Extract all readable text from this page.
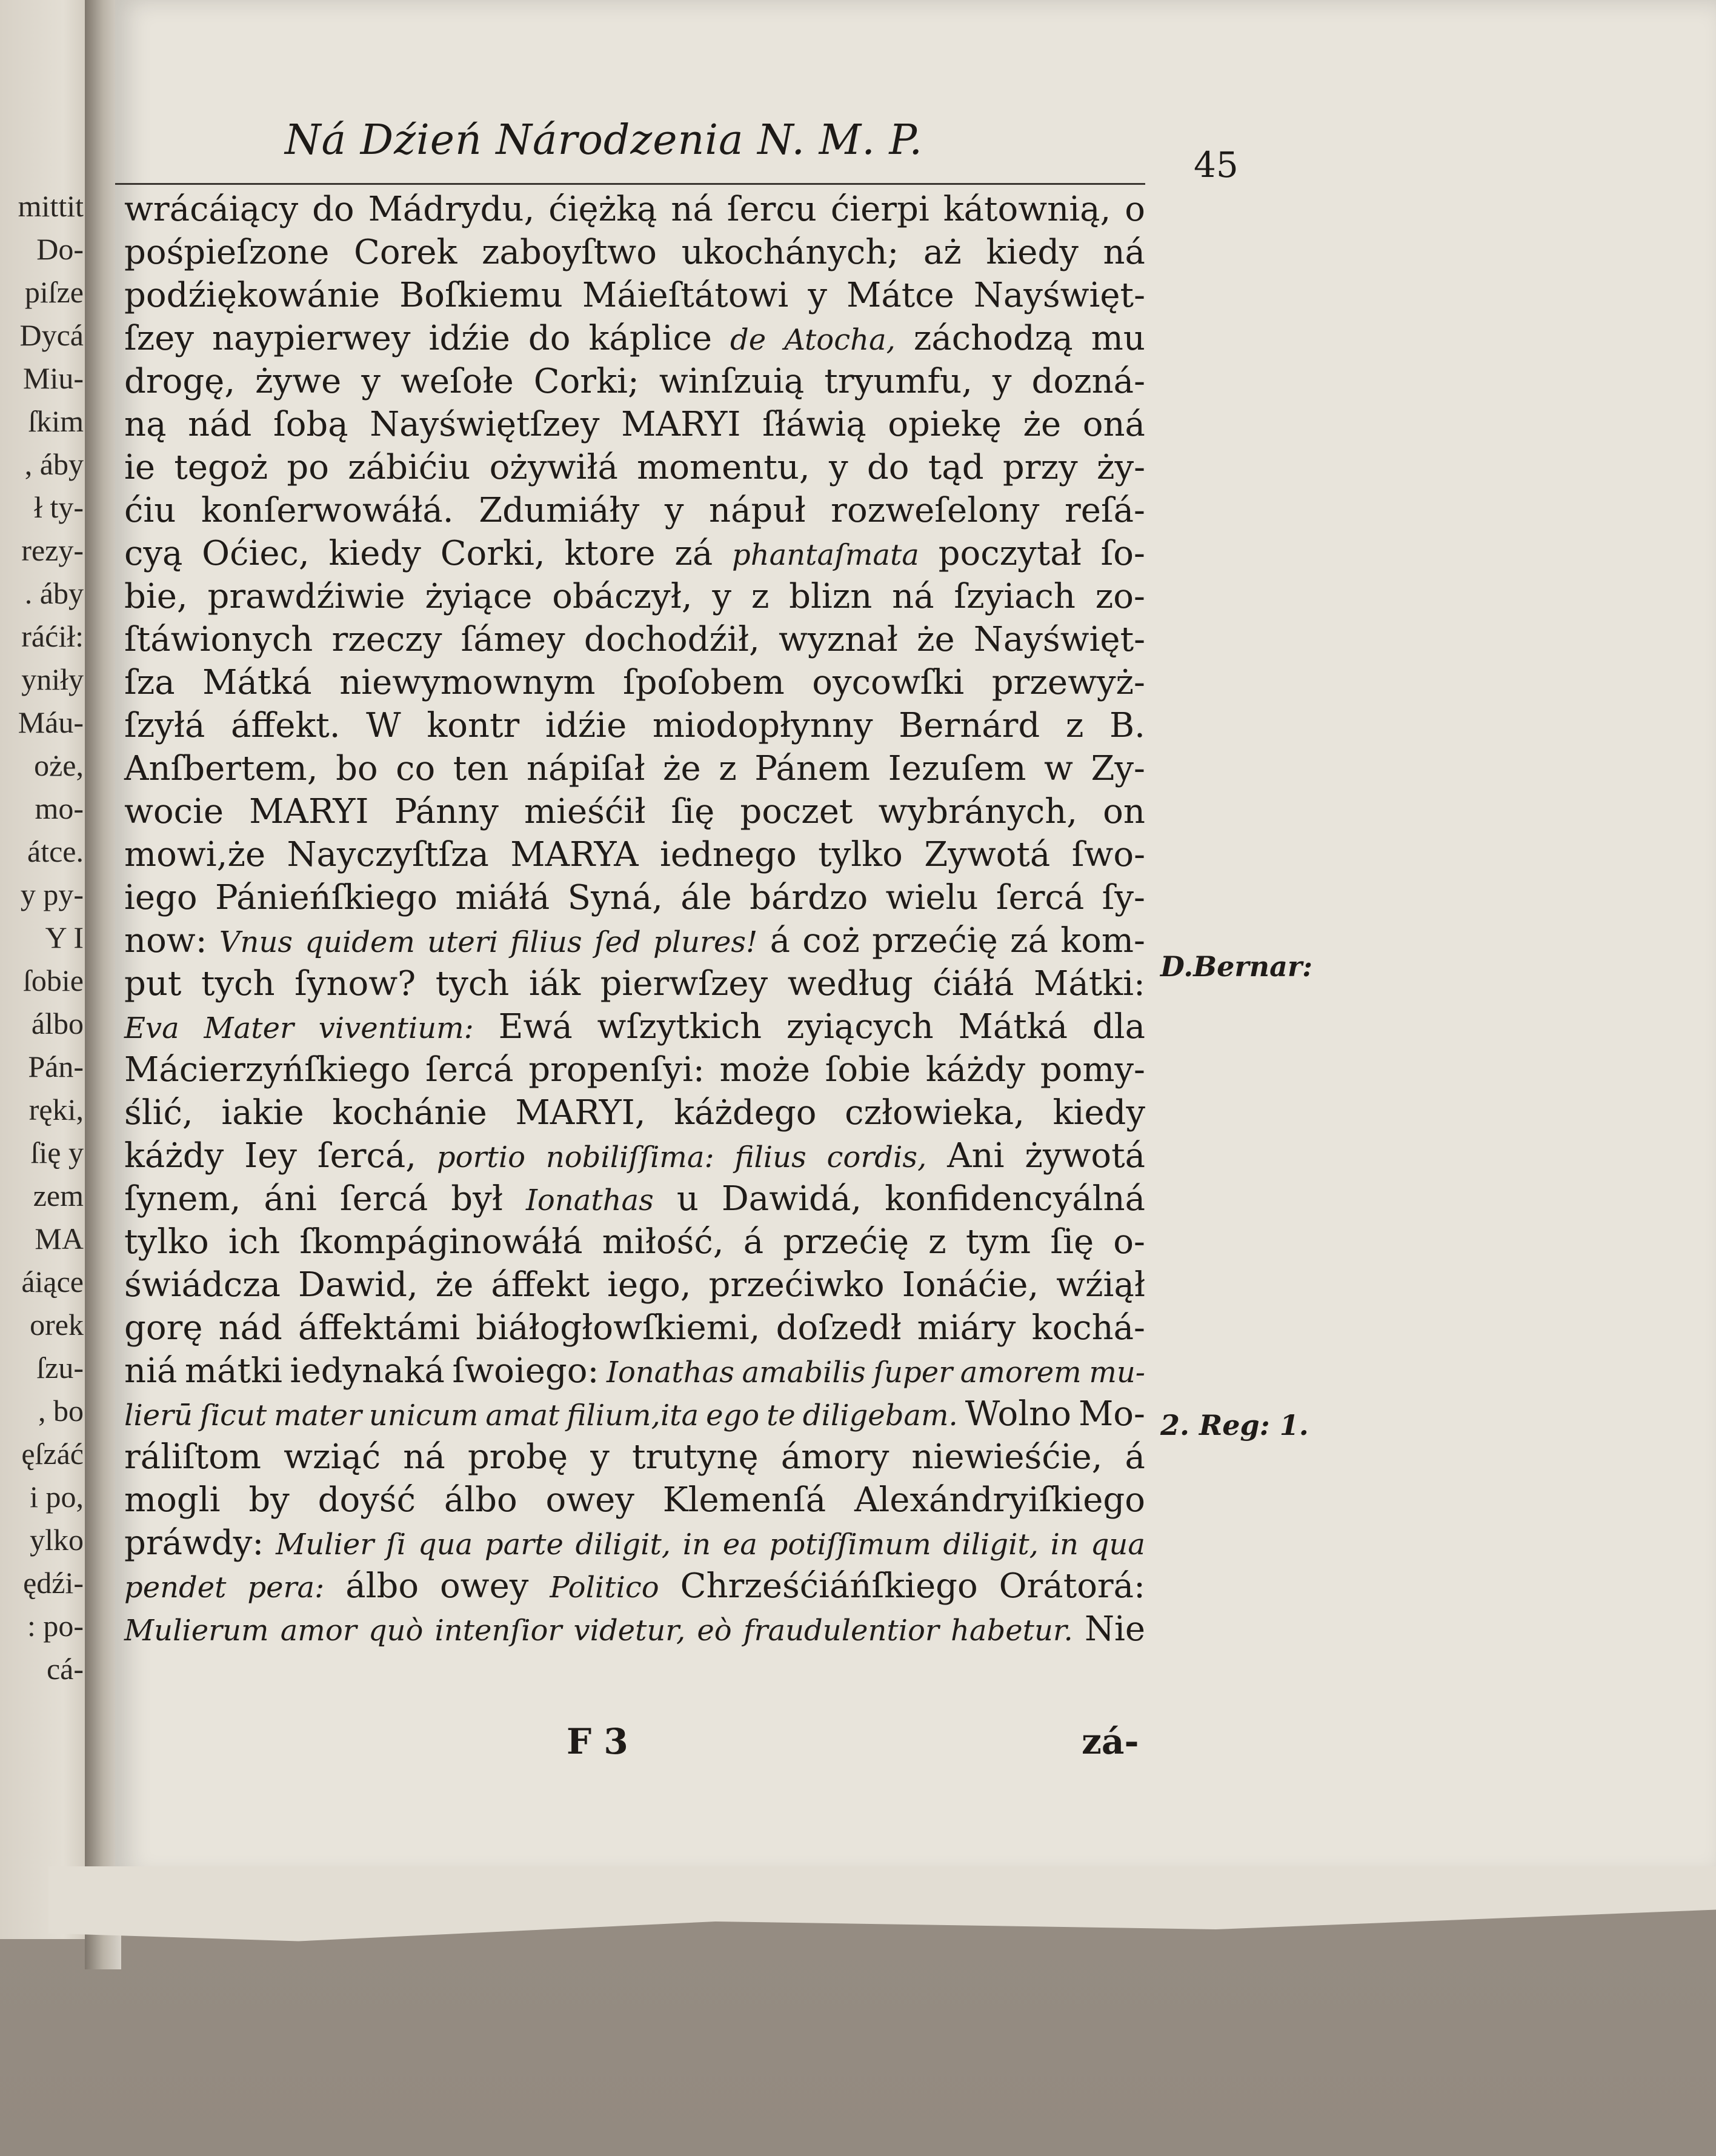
mittit
Do-
piſze
Dycá
Miu-
ſkim
, áby
ł ty-
rezy-
. áby
ráćił:
yniły
Máu-
oże,
mo-
átce.
y py-
Y I
ſobie
álbo
Pán-
ręki,
ſię y
zem
MA
áiące
orek
ſzu-
, bo
ęſzáć
i po,
ylko
ędźi-
: po-
cá-
Ná Dźień Národzenia N. M. P.
45
wrácáiący do Mádrydu, ćiężką ná ſercu ćierpi kátownią, o
pośpieſzone Corek zaboyſtwo ukochánych; aż kiedy ná
podźiękowánie Boſkiemu Máieſtátowi y Mátce Nayświęt-
ſzey naypierwey idźie do káplice de Atocha, záchodzą mu
drogę, żywe y weſołe Corki; winſzuią tryumfu, y dozná-
ną nád ſobą Nayświętſzey MARYI ſłáwią opiekę że oná
ie tegoż po zábićiu ożywiłá momentu, y do tąd przy ży-
ćiu konſerwowáłá. Zdumiáły y nápuł rozweſelony reſá-
cyą Oćiec, kiedy Corki, ktore zá phantaſmata poczytał ſo-
bie, prawdźiwie żyiące obáczył, y z blizn ná ſzyiach zo-
ſtáwionych rzeczy ſámey dochodźił, wyznał że Nayświęt-
ſza Mátká niewymownym ſpoſobem oycowſki przewyż-
ſzyłá áffekt. W kontr idźie miodopłynny Bernárd z B.
Anſbertem, bo co ten nápiſał że z Pánem Iezuſem w Zy-
wocie MARYI Pánny mieśćił ſię poczet wybránych, on
mowi,że Nayczyſtſza MARYA iednego tylko Zywotá ſwo-
iego Pánieńſkiego miáłá Syná, ále bárdzo wielu ſercá ſy-
now: Vnus quidem uteri filius ſed plures! á coż przećię zá kom-
put tych ſynow? tych iák pierwſzey według ćiáłá Mátki:
Eva Mater viventium: Ewá wſzytkich zyiących Mátká dla
Mácierzyńſkiego ſercá propenſyi: może ſobie káżdy pomy-
ślić, iakie kochánie MARYI, káżdego człowieka, kiedy
káżdy Iey ſercá, portio nobiliſſima: filius cordis, Ani żywotá
ſynem, áni ſercá był Ionathas u Dawidá, konfidencyálná
tylko ich ſkompáginowáłá miłość, á przećię z tym ſię o-
świádcza Dawid, że áffekt iego, przećiwko Ionáćie, wźiął
gorę nád áffektámi biáłogłowſkiemi, doſzedł miáry kochá-
niá mátki iedynaká ſwoiego: Ionathas amabilis ſuper amorem mu-
lierū ſicut mater unicum amat filium,ita ego te diligebam. Wolno Mo-
ráliſtom wziąć ná probę y trutynę ámory niewieśćie, á
mogli by doyść álbo owey Klemenſá Alexándryiſkiego
práwdy: Mulier ſi qua parte diligit, in ea potiſſimum diligit, in qua
pendet pera: álbo owey Politico Chrześćiáńſkiego Orátorá:
Mulierum amor quò intenſior videtur, eò fraudulentior habetur. Nie
D.Bernar:
2. Reg: 1.
F 3	zá-
